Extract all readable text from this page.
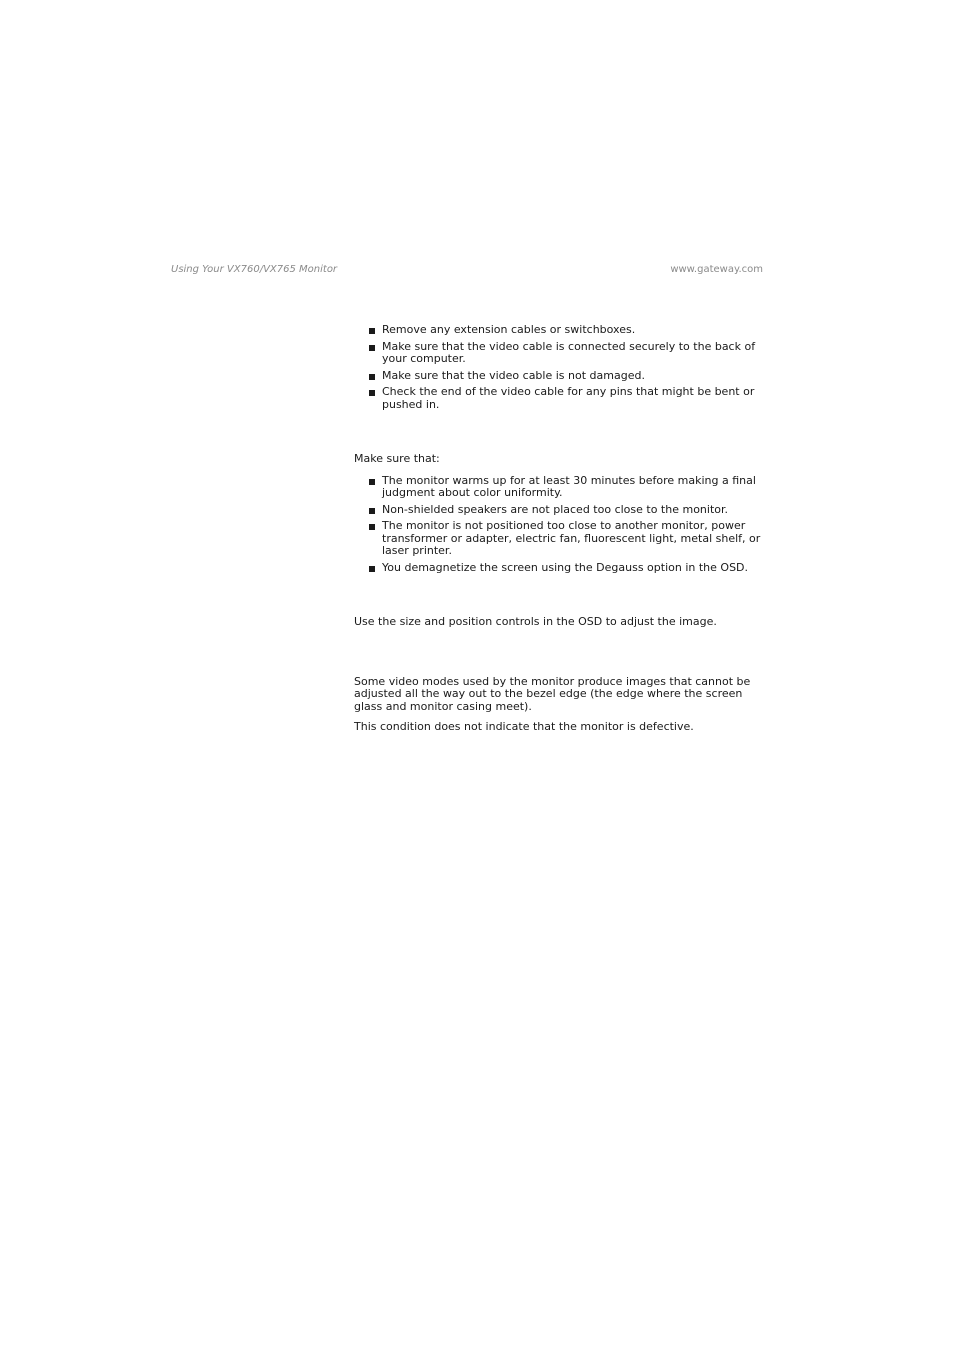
Using Your VX760/VX765 Monitor	www.gateway.com
Remove any extension cables or switchboxes.
Make sure that the video cable is connected securely to the back of your computer.
Make sure that the video cable is not damaged.
Check the end of the video cable for any pins that might be bent or pushed in.

Make sure that:

The monitor warms up for at least 30 minutes before making a final judgment about color uniformity.
Non-shielded speakers are not placed too close to the monitor.
The monitor is not positioned too close to another monitor, power transformer or adapter, electric fan, fluorescent light, metal shelf, or laser printer.
You demagnetize the screen using the Degauss option in the OSD.

Use the size and position controls in the OSD to adjust the image.

Some video modes used by the monitor produce images that cannot be adjusted all the way out to the bezel edge (the edge where the screen glass and monitor casing meet).

This condition does not indicate that the monitor is defective.
